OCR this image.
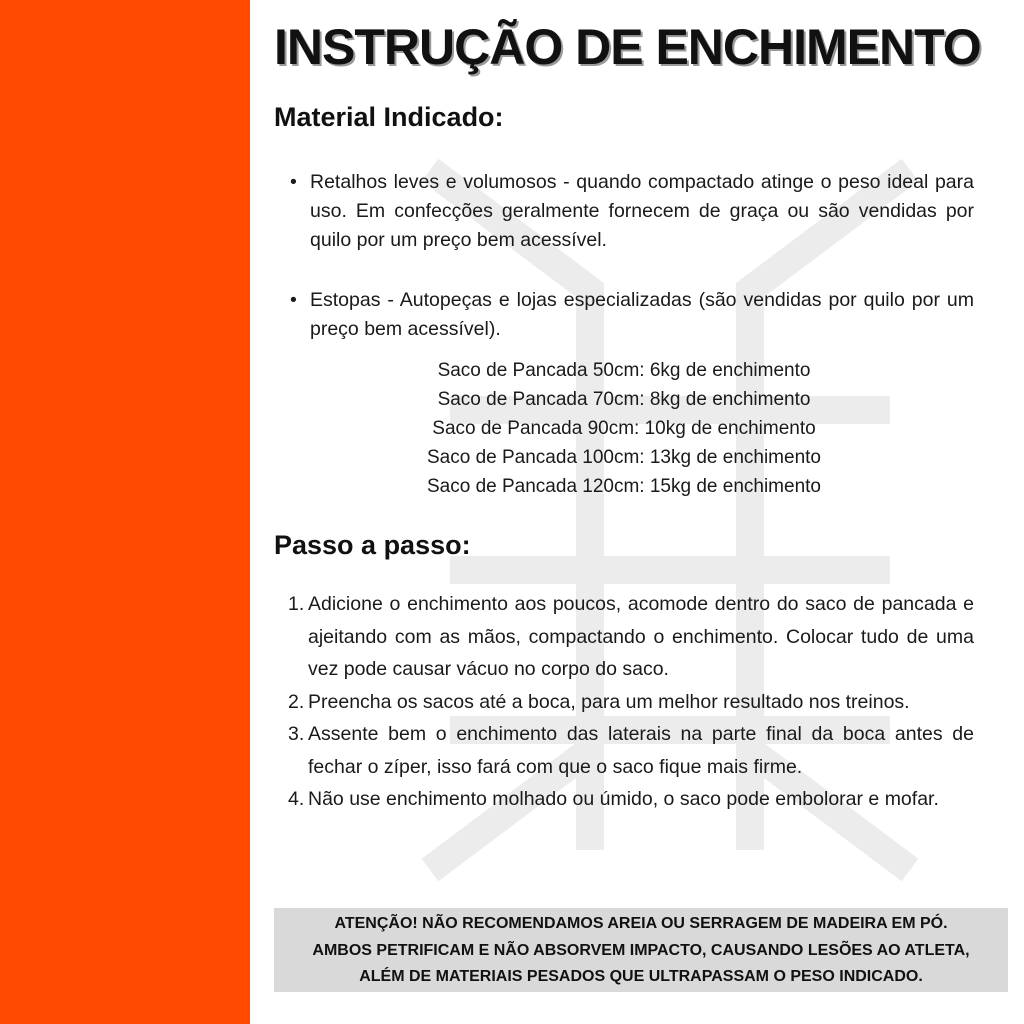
INSTRUÇÃO DE ENCHIMENTO
Material Indicado:
• Retalhos leves e volumosos - quando compactado atinge o peso ideal para uso. Em confecções geralmente fornecem de graça ou são vendidas por quilo por um preço bem acessível.
• Estopas - Autopeças e lojas especializadas (são vendidas por quilo por um preço bem acessível).
Saco de Pancada 50cm: 6kg de enchimento
Saco de Pancada 70cm: 8kg de enchimento
Saco de Pancada 90cm: 10kg de enchimento
Saco de Pancada 100cm: 13kg de enchimento
Saco de Pancada 120cm: 15kg de enchimento
Passo a passo:
1. Adicione o enchimento aos poucos, acomode dentro do saco de pancada e ajeitando com as mãos, compactando o enchimento. Colocar tudo de uma vez pode causar vácuo no corpo do saco.
2. Preencha os sacos até a boca, para um melhor resultado nos treinos.
3. Assente bem o enchimento das laterais na parte final da boca antes de fechar o zíper, isso fará com que o saco fique mais firme.
4. Não use enchimento molhado ou úmido, o saco pode embolorar e mofar.
ATENÇÃO! NÃO RECOMENDAMOS AREIA OU SERRAGEM DE MADEIRA EM PÓ.
AMBOS PETRIFICAM E NÃO ABSORVEM IMPACTO, CAUSANDO LESÕES AO ATLETA,
ALÉM DE MATERIAIS PESADOS QUE ULTRAPASSAM O PESO INDICADO.
